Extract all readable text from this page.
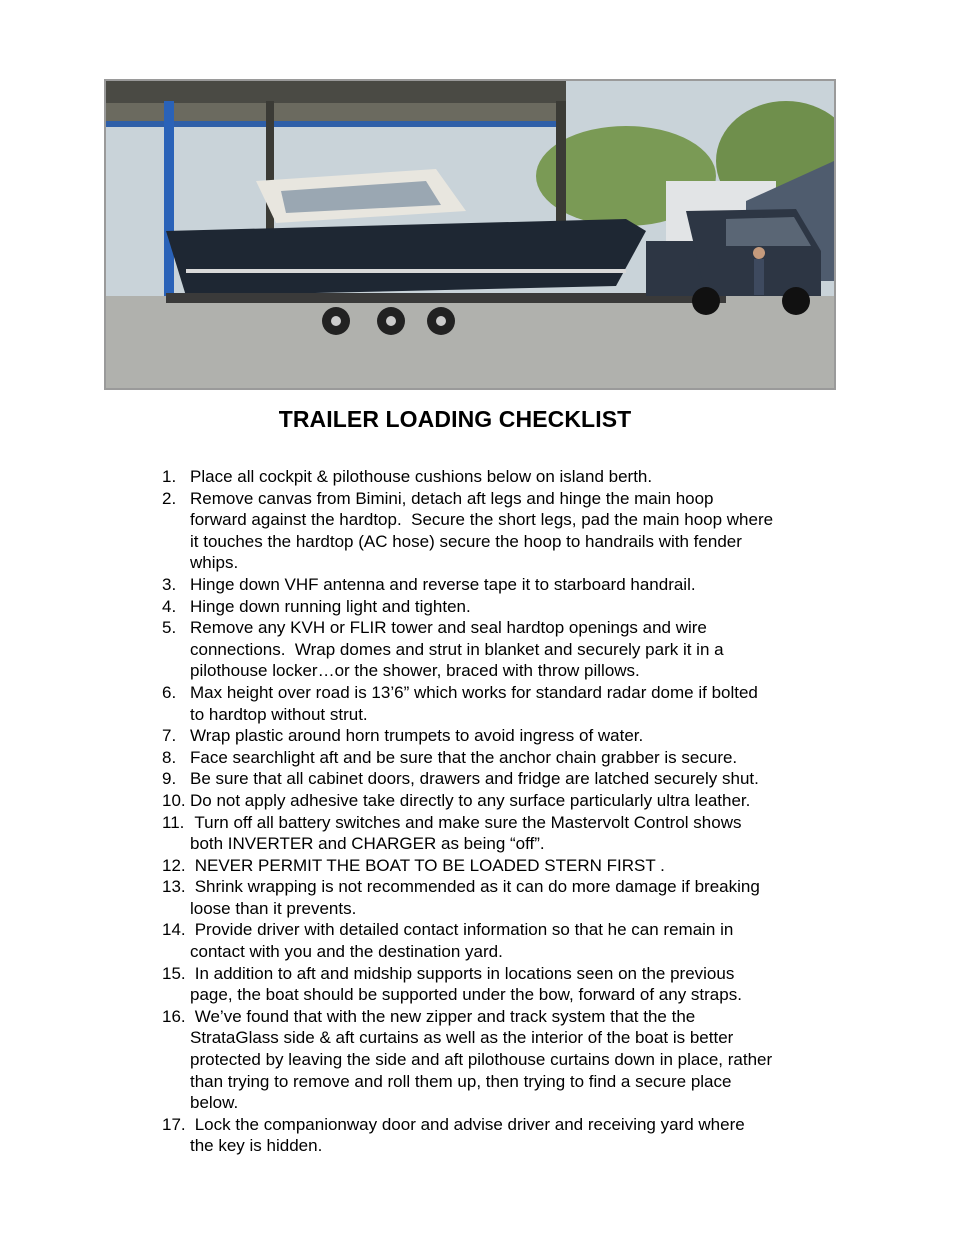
TRAILER LOADING CHECKLIST
1. Place all cockpit & pilothouse cushions below on island berth.
2. Remove canvas from Bimini, detach aft legs and hinge the main hoop
forward against the hardtop.  Secure the short legs, pad the main hoop where
it touches the hardtop (AC hose) secure the hoop to handrails with fender
whips.
3. Hinge down VHF antenna and reverse tape it to starboard handrail.
4. Hinge down running light and tighten.
5. Remove any KVH or FLIR tower and seal hardtop openings and wire
connections.  Wrap domes and strut in blanket and securely park it in a
pilothouse locker…or the shower, braced with throw pillows.
6. Max height over road is 13’6” which works for standard radar dome if bolted
to hardtop without strut.
7. Wrap plastic around horn trumpets to avoid ingress of water.
8. Face searchlight aft and be sure that the anchor chain grabber is secure.
9. Be sure that all cabinet doors, drawers and fridge are latched securely shut.
10. Do not apply adhesive take directly to any surface particularly ultra leather.
11. Turn off all battery switches and make sure the Mastervolt Control shows
both INVERTER and CHARGER as being “off”.
12. NEVER PERMIT THE BOAT TO BE LOADED STERN FIRST .
13. Shrink wrapping is not recommended as it can do more damage if breaking
loose than it prevents.
14. Provide driver with detailed contact information so that he can remain in
contact with you and the destination yard.
15. In addition to aft and midship supports in locations seen on the previous
page, the boat should be supported under the bow, forward of any straps.
16. We’ve found that with the new zipper and track system that the the
StrataGlass side & aft curtains as well as the interior of the boat is better
protected by leaving the side and aft pilothouse curtains down in place, rather
than trying to remove and roll them up, then trying to find a secure place
below.
17. Lock the companionway door and advise driver and receiving yard where
the key is hidden.
